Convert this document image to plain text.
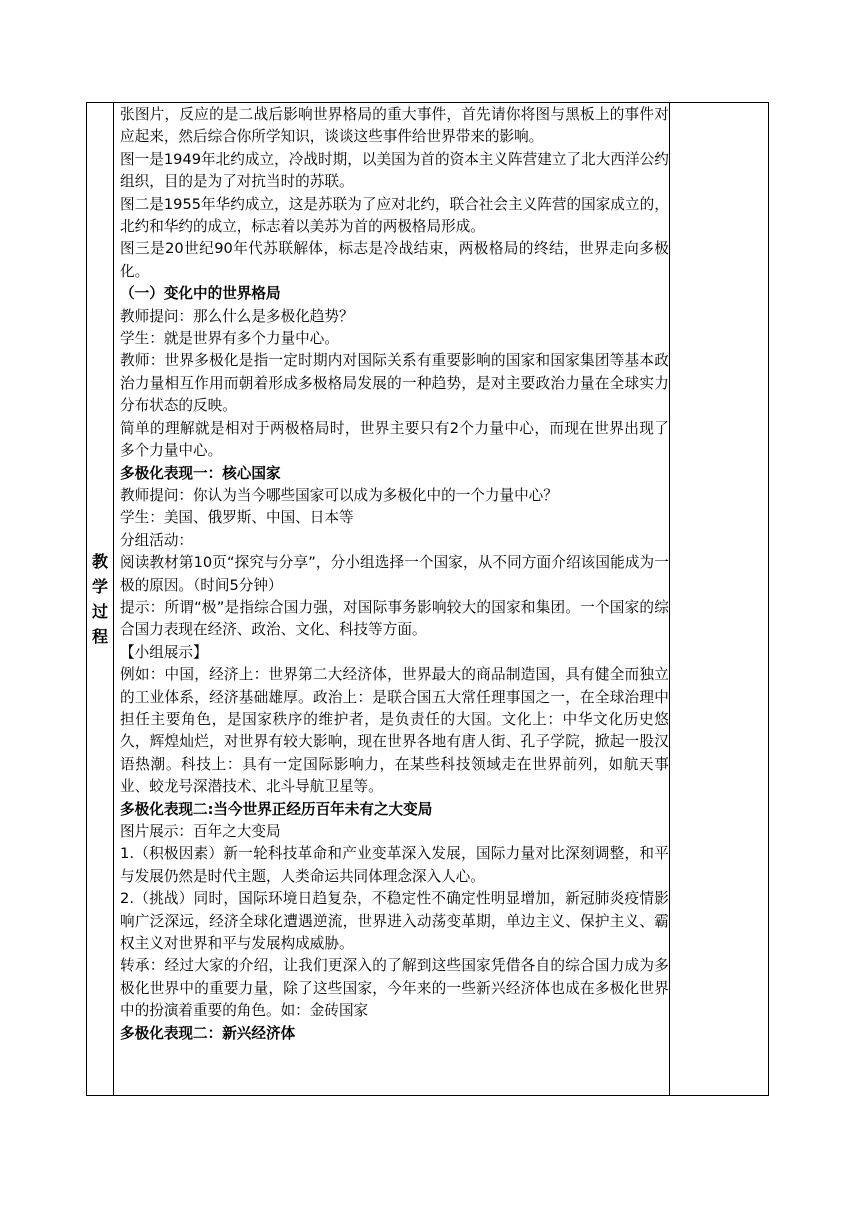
教学过程	

张图片，反应的是二战后影响世界格局的重大事件，首先请你将图与黑板上的事件对应起来，然后综合你所学知识，谈谈这些事件给世界带来的影响。

图一是1949年北约成立，冷战时期，以美国为首的资本主义阵营建立了北大西洋公约组织，目的是为了对抗当时的苏联。

图二是1955年华约成立，这是苏联为了应对北约，联合社会主义阵营的国家成立的，北约和华约的成立，标志着以美苏为首的两极格局形成。

图三是20世纪90年代苏联解体，标志是冷战结束，两极格局的终结，世界走向多极化。

（一）变化中的世界格局

教师提问：那么什么是多极化趋势？

学生：就是世界有多个力量中心。

教师：世界多极化是指一定时期内对国际关系有重要影响的国家和国家集团等基本政治力量相互作用而朝着形成多极格局发展的一种趋势，是对主要政治力量在全球实力分布状态的反映。

简单的理解就是相对于两极格局时，世界主要只有2个力量中心，而现在世界出现了多个力量中心。

多极化表现一：核心国家

教师提问：你认为当今哪些国家可以成为多极化中的一个力量中心？

学生：美国、俄罗斯、中国、日本等

分组活动：

阅读教材第10页“探究与分享”，分小组选择一个国家，从不同方面介绍该国能成为一极的原因。（时间5分钟）

提示：所谓“极”是指综合国力强，对国际事务影响较大的国家和集团。一个国家的综合国力表现在经济、政治、文化、科技等方面。

【小组展示】

例如：中国，经济上：世界第二大经济体，世界最大的商品制造国，具有健全而独立的工业体系，经济基础雄厚。政治上：是联合国五大常任理事国之一，在全球治理中担任主要角色，是国家秩序的维护者，是负责任的大国。文化上：中华文化历史悠久，辉煌灿烂，对世界有较大影响，现在世界各地有唐人街、孔子学院，掀起一股汉语热潮。科技上：具有一定国际影响力，在某些科技领域走在世界前列，如航天事业、蛟龙号深潜技术、北斗导航卫星等。

多极化表现二:当今世界正经历百年未有之大变局

图片展示：百年之大变局

1.（积极因素）新一轮科技革命和产业变革深入发展，国际力量对比深刻调整，和平与发展仍然是时代主题，人类命运共同体理念深入人心。

2.（挑战）同时，国际环境日趋复杂，不稳定性不确定性明显增加，新冠肺炎疫情影响广泛深远，经济全球化遭遇逆流，世界进入动荡变革期，单边主义、保护主义、霸权主义对世界和平与发展构成威胁。

转承：经过大家的介绍，让我们更深入的了解到这些国家凭借各自的综合国力成为多极化世界中的重要力量，除了这些国家，今年来的一些新兴经济体也成在多极化世界中的扮演着重要的角色。如：金砖国家

多极化表现二：新兴经济体
